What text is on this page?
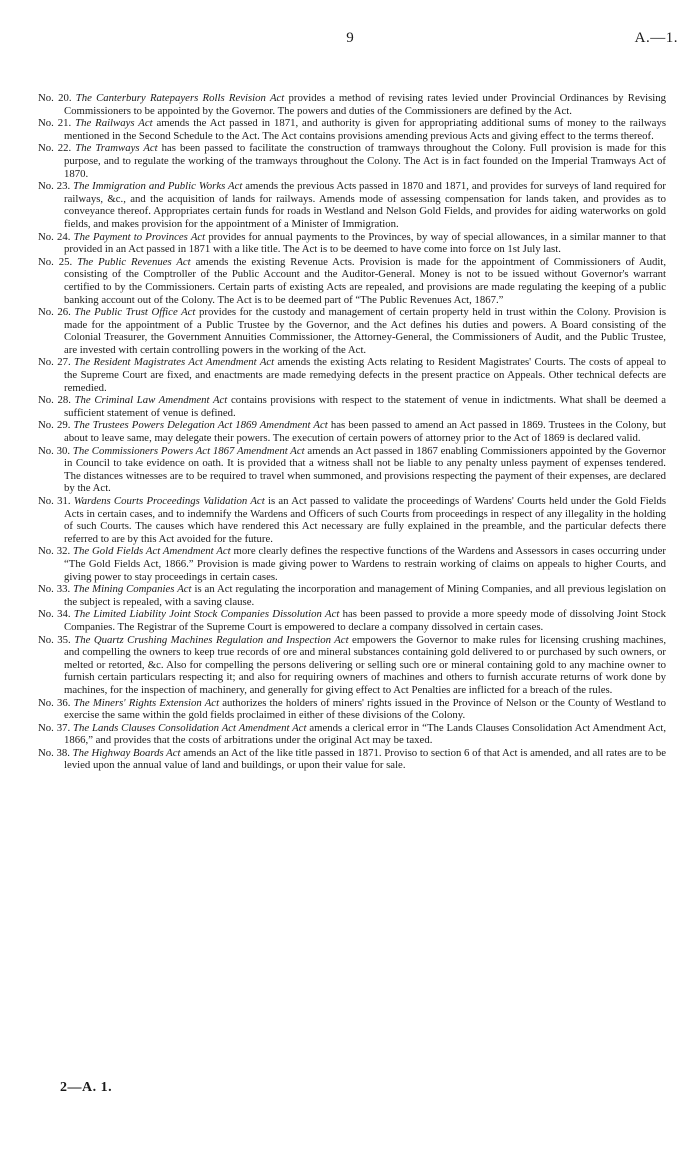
9	A.—1.

No. 20. The Canterbury Ratepayers Rolls Revision Act provides a method of revising rates levied under Provincial Ordinances by Revising Commissioners to be appointed by the Governor. The powers and duties of the Commissioners are defined by the Act.

No. 21. The Railways Act amends the Act passed in 1871, and authority is given for appropriating additional sums of money to the railways mentioned in the Second Schedule to the Act. The Act contains provisions amending previous Acts and giving effect to the terms thereof.

No. 22. The Tramways Act has been passed to facilitate the construction of tramways throughout the Colony. Full provision is made for this purpose, and to regulate the working of the tramways throughout the Colony. The Act is in fact founded on the Imperial Tramways Act of 1870.

No. 23. The Immigration and Public Works Act amends the previous Acts passed in 1870 and 1871, and provides for surveys of land required for railways, &c., and the acquisition of lands for railways. Amends mode of assessing compensation for lands taken, and provides as to conveyance thereof. Appropriates certain funds for roads in Westland and Nelson Gold Fields, and provides for aiding waterworks on gold fields, and makes provision for the appointment of a Minister of Immigration.

No. 24. The Payment to Provinces Act provides for annual payments to the Provinces, by way of special allowances, in a similar manner to that provided in an Act passed in 1871 with a like title. The Act is to be deemed to have come into force on 1st July last.

No. 25. The Public Revenues Act amends the existing Revenue Acts. Provision is made for the appointment of Commissioners of Audit, consisting of the Comptroller of the Public Account and the Auditor-General. Money is not to be issued without Governor's warrant certified to by the Commissioners. Certain parts of existing Acts are repealed, and provisions are made regulating the keeping of a public banking account out of the Colony. The Act is to be deemed part of “The Public Revenues Act, 1867.”

No. 26. The Public Trust Office Act provides for the custody and management of certain property held in trust within the Colony. Provision is made for the appointment of a Public Trustee by the Governor, and the Act defines his duties and powers. A Board consisting of the Colonial Treasurer, the Government Annuities Commissioner, the Attorney-General, the Commissioners of Audit, and the Public Trustee, are invested with certain controlling powers in the working of the Act.

No. 27. The Resident Magistrates Act Amendment Act amends the existing Acts relating to Resident Magistrates' Courts. The costs of appeal to the Supreme Court are fixed, and enactments are made remedying defects in the present practice on Appeals. Other technical defects are remedied.

No. 28. The Criminal Law Amendment Act contains provisions with respect to the statement of venue in indictments. What shall be deemed a sufficient statement of venue is defined.

No. 29. The Trustees Powers Delegation Act 1869 Amendment Act has been passed to amend an Act passed in 1869. Trustees in the Colony, but about to leave same, may delegate their powers. The execution of certain powers of attorney prior to the Act of 1869 is declared valid.

No. 30. The Commissioners Powers Act 1867 Amendment Act amends an Act passed in 1867 enabling Commissioners appointed by the Governor in Council to take evidence on oath. It is provided that a witness shall not be liable to any penalty unless payment of expenses tendered. The distances witnesses are to be required to travel when summoned, and provisions respecting the payment of their expenses, are declared by the Act.

No. 31. Wardens Courts Proceedings Validation Act is an Act passed to validate the proceedings of Wardens' Courts held under the Gold Fields Acts in certain cases, and to indemnify the Wardens and Officers of such Courts from proceedings in respect of any illegality in the holding of such Courts. The causes which have rendered this Act necessary are fully explained in the preamble, and the particular defects there referred to are by this Act avoided for the future.

No. 32. The Gold Fields Act Amendment Act more clearly defines the respective functions of the Wardens and Assessors in cases occurring under “The Gold Fields Act, 1866.” Provision is made giving power to Wardens to restrain working of claims on appeals to higher Courts, and giving power to stay proceedings in certain cases.

No. 33. The Mining Companies Act is an Act regulating the incorporation and management of Mining Companies, and all previous legislation on the subject is repealed, with a saving clause.

No. 34. The Limited Liability Joint Stock Companies Dissolution Act has been passed to provide a more speedy mode of dissolving Joint Stock Companies. The Registrar of the Supreme Court is empowered to declare a company dissolved in certain cases.

No. 35. The Quartz Crushing Machines Regulation and Inspection Act empowers the Governor to make rules for licensing crushing machines, and compelling the owners to keep true records of ore and mineral substances containing gold delivered to or purchased by such owners, or melted or retorted, &c. Also for compelling the persons delivering or selling such ore or mineral containing gold to any machine owner to furnish certain particulars respecting it; and also for requiring owners of machines and others to furnish accurate returns of work done by machines, for the inspection of machinery, and generally for giving effect to Act Penalties are inflicted for a breach of the rules.

No. 36. The Miners' Rights Extension Act authorizes the holders of miners' rights issued in the Province of Nelson or the County of Westland to exercise the same within the gold fields proclaimed in either of these divisions of the Colony.

No. 37. The Lands Clauses Consolidation Act Amendment Act amends a clerical error in “The Lands Clauses Consolidation Act Amendment Act, 1866,” and provides that the costs of arbitrations under the original Act may be taxed.

No. 38. The Highway Boards Act amends an Act of the like title passed in 1871. Proviso to section 6 of that Act is amended, and all rates are to be levied upon the annual value of land and buildings, or upon their value for sale.

2—A. 1.
